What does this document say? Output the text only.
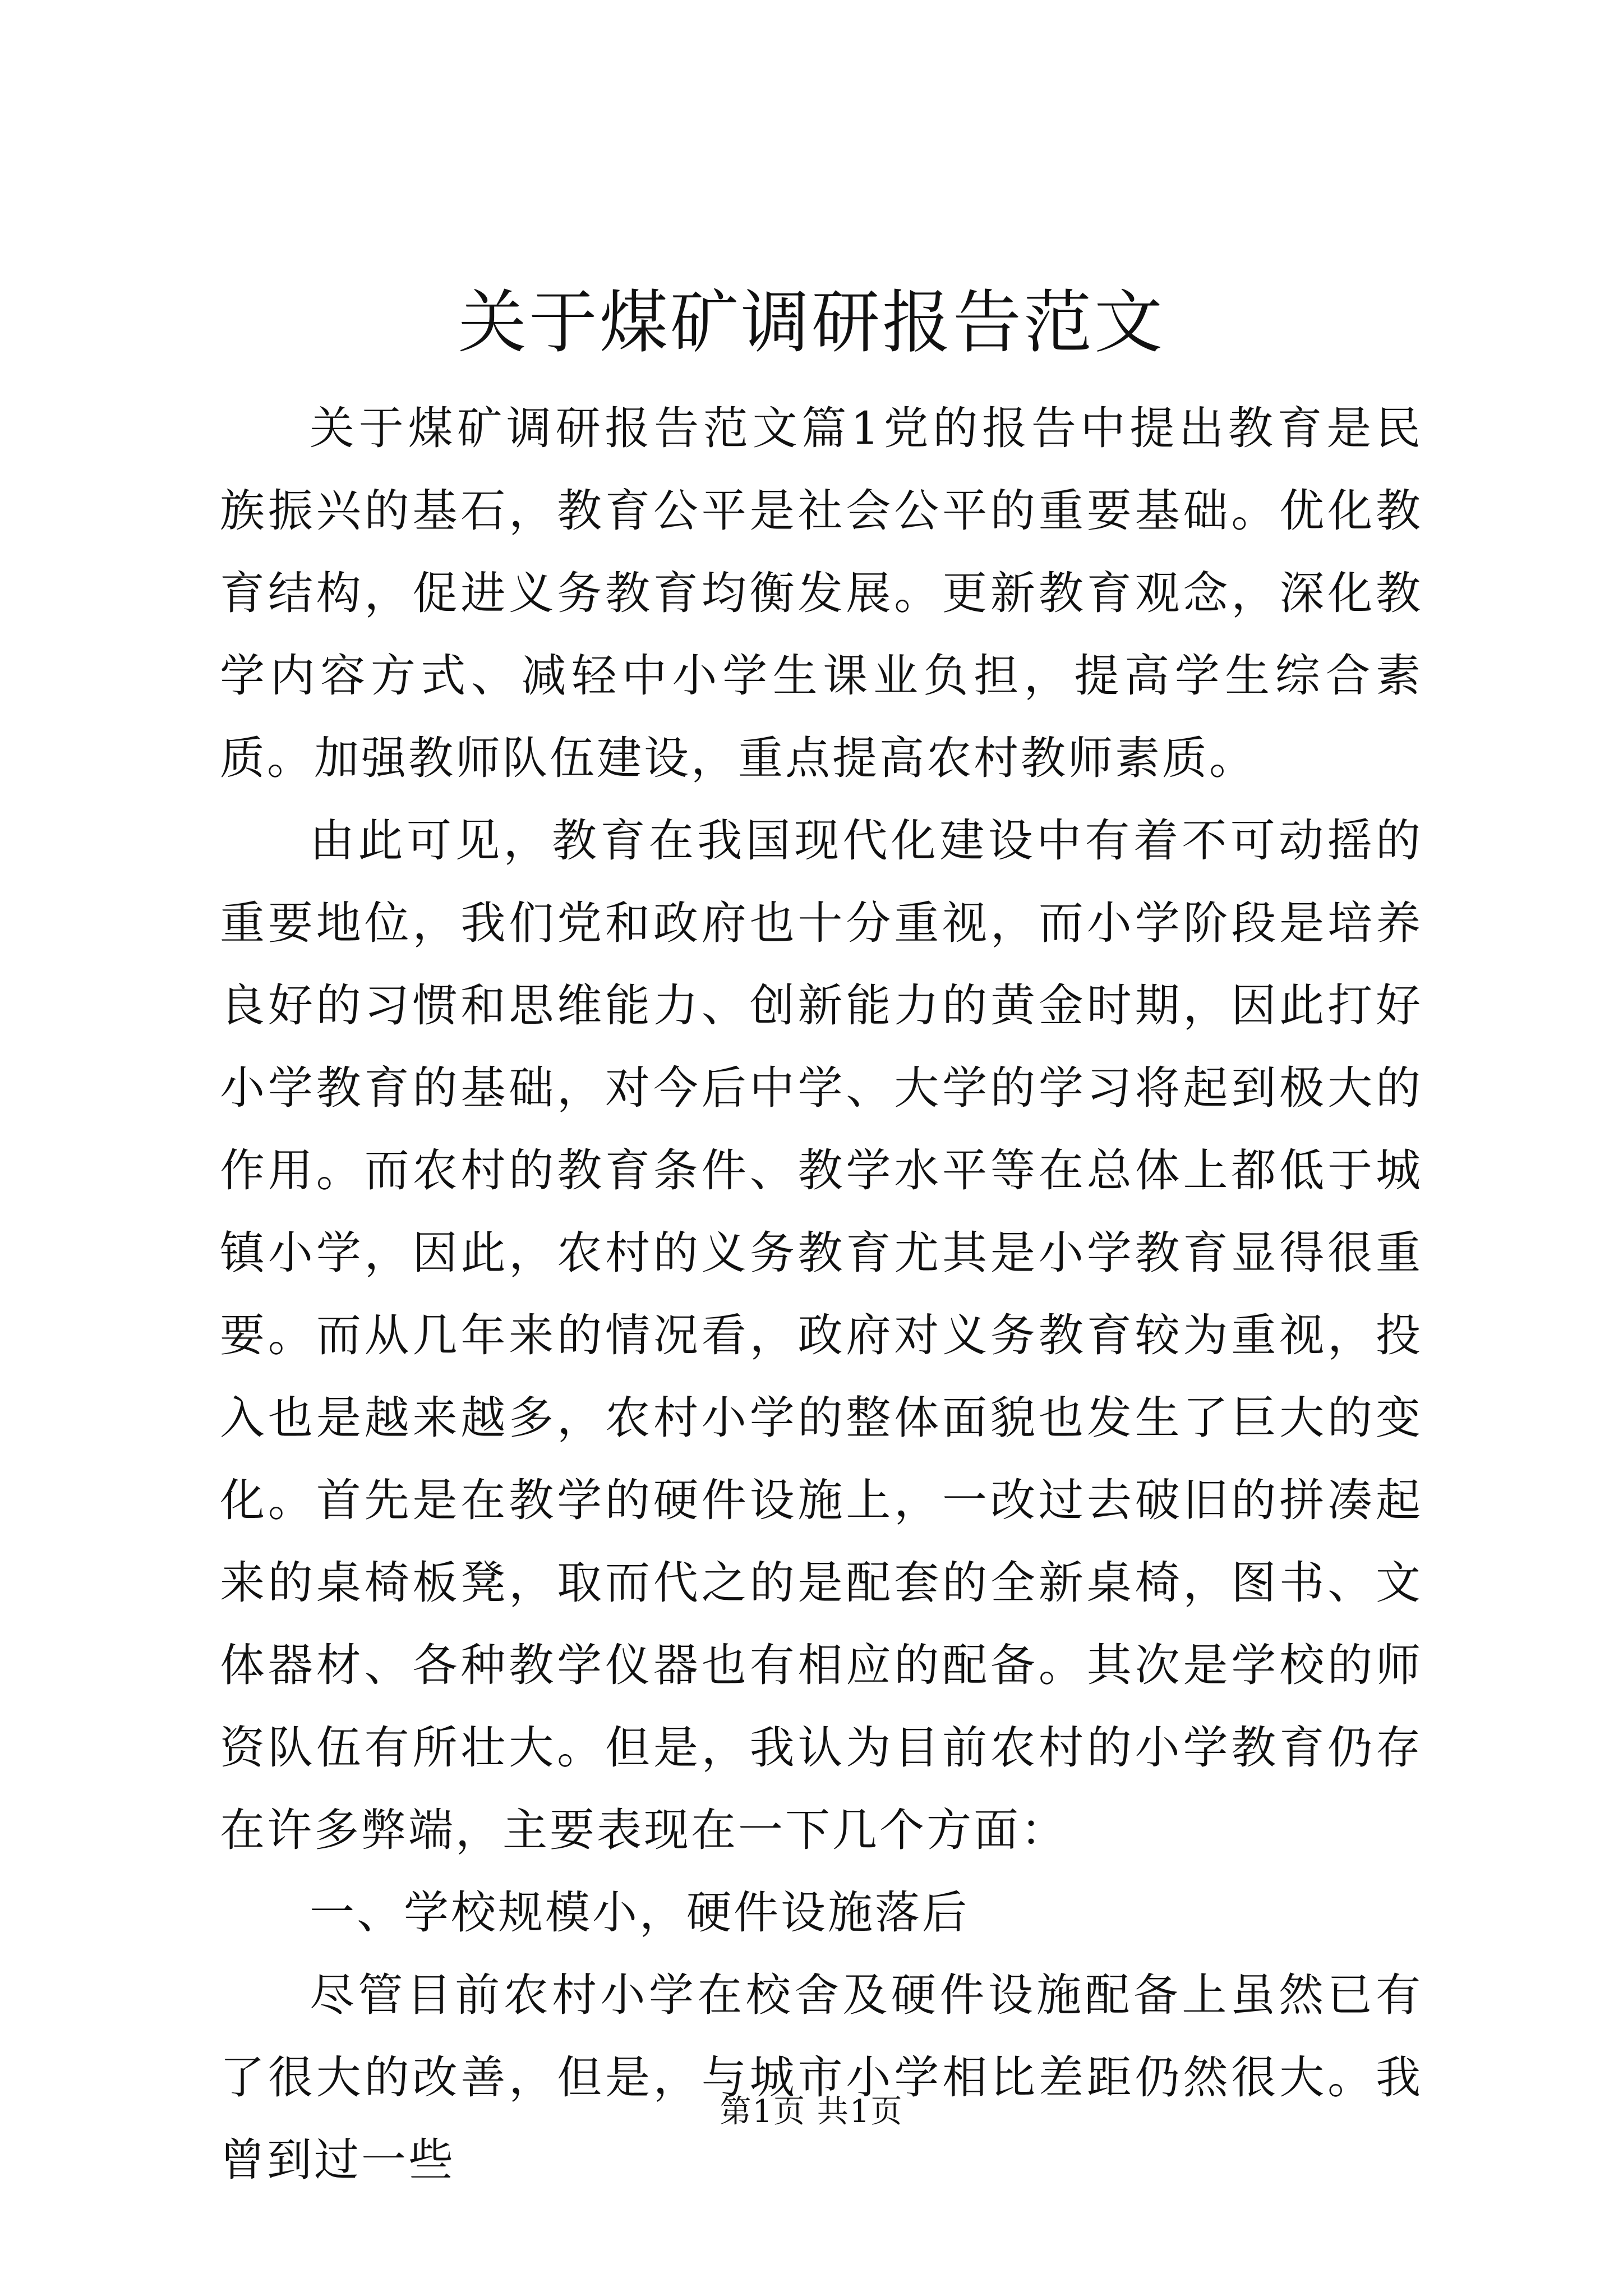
关于煤矿调研报告范文

关于煤矿调研报告范文篇1党的报告中提出教育是民族振兴的基石，教育公平是社会公平的重要基础。优化教育结构，促进义务教育均衡发展。更新教育观念，深化教学内容方式、减轻中小学生课业负担，提高学生综合素质。加强教师队伍建设，重点提高农村教师素质。

由此可见，教育在我国现代化建设中有着不可动摇的重要地位，我们党和政府也十分重视，而小学阶段是培养良好的习惯和思维能力、创新能力的黄金时期，因此打好小学教育的基础，对今后中学、大学的学习将起到极大的作用。而农村的教育条件、教学水平等在总体上都低于城镇小学，因此，农村的义务教育尤其是小学教育显得很重要。而从几年来的情况看，政府对义务教育较为重视，投入也是越来越多，农村小学的整体面貌也发生了巨大的变化。首先是在教学的硬件设施上，一改过去破旧的拼凑起来的桌椅板凳，取而代之的是配套的全新桌椅，图书、文体器材、各种教学仪器也有相应的配备。其次是学校的师资队伍有所壮大。但是，我认为目前农村的小学教育仍存在许多弊端，主要表现在一下几个方面：

一、学校规模小，硬件设施落后

尽管目前农村小学在校舍及硬件设施配备上虽然已有了很大的改善，但是，与城市小学相比差距仍然很大。我曾到过一些

第1页 共1页
